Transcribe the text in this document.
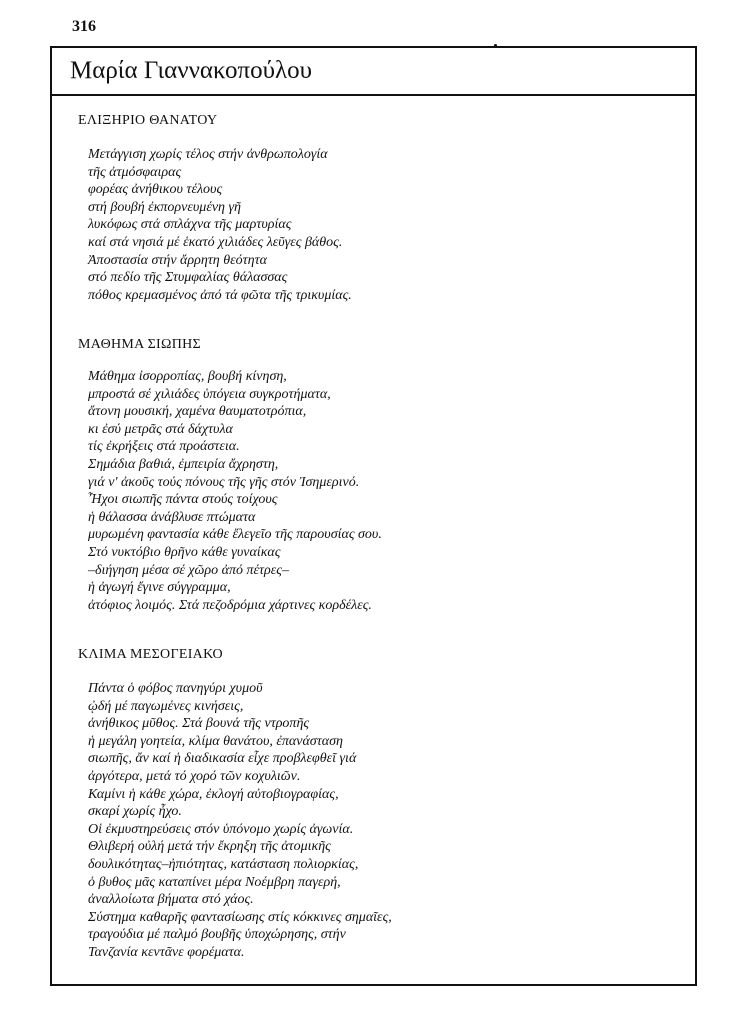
316
Μαρία Γιαννακοπούλου
ΕΛΙΞΗΡΙΟ ΘΑΝΑΤΟΥ
Μετάγγιση χωρίς τέλος στήν ἀνθρωπολογία
τῆς ἀτμόσφαιρας
φορέας ἀνήθικου τέλους
στή βουβή ἐκπορνευμένη γῆ
λυκόφως στά σπλάχνα τῆς μαρτυρίας
καί στά νησιά μέ ἑκατό χιλιάδες λεῦγες βάθος.
Ἀποστασία στήν ἄρρητη θεότητα
στό πεδίο τῆς Στυμφαλίας θάλασσας
πόθος κρεμασμένος ἀπό τά φῶτα τῆς τρικυμίας.
ΜΑΘΗΜΑ ΣΙΩΠΗΣ
Μάθημα ἰσορροπίας, βουβή κίνηση,
μπροστά σέ χιλιάδες ὑπόγεια συγκροτήματα,
ἄτονη μουσική, χαμένα θαυματοτρόπια,
κι ἐσύ μετρᾶς στά δάχτυλα
τίς ἐκρήξεις στά προάστεια.
Σημάδια βαθιά, ἐμπειρία ἄχρηστη,
γιά ν' ἀκοῦς τούς πόνους τῆς γῆς στόν Ἰσημερινό.
Ἦχοι σιωπῆς πάντα στούς τοίχους
ἡ θάλασσα ἀνάβλυσε πτώματα
μυρωμένη φαντασία κάθε ἔλεγεῖο τῆς παρουσίας σου.
Στό νυκτόβιο θρῆνο κάθε γυναίκας
–διήγηση μέσα σέ χῶρο ἀπό πέτρες–
ἡ ἀγωγή ἔγινε σύγγραμμα,
ἀτόφιος λοιμός. Στά πεζοδρόμια χάρτινες κορδέλες.
ΚΛΙΜΑ ΜΕΣΟΓΕΙΑΚΟ
Πάντα ὁ φόβος πανηγύρι χυμοῦ
ᾠδή μέ παγωμένες κινήσεις,
ἀνήθικος μῦθος. Στά βουνά τῆς ντροπῆς
ἡ μεγάλη γοητεία, κλίμα θανάτου, ἐπανάσταση
σιωπῆς, ἄν καί ἡ διαδικασία εἶχε προβλεφθεῖ γιά
ἀργότερα, μετά τό χορό τῶν κοχυλιῶν.
Καμίνι ἡ κάθε χώρα, ἐκλογή αὐτοβιογραφίας,
σκαρί χωρίς ἦχο.
Οἱ ἐκμυστηρεύσεις στόν ὑπόνομο χωρίς ἀγωνία.
Θλιβερή οὐλή μετά τήν ἔκρηξη τῆς ἀτομικῆς
δουλικότητας–ἠπιότητας, κατάσταση πολιορκίας,
ὁ βυθος μᾶς καταπίνει μέρα Νοέμβρη παγερή,
ἀναλλοίωτα βήματα στό χάος.
Σύστημα καθαρῆς φαντασίωσης στίς κόκκινες σημαῖες,
τραγούδια μέ παλμό βουβῆς ὑποχώρησης, στήν
Τανζανία κεντᾶνε φορέματα.
